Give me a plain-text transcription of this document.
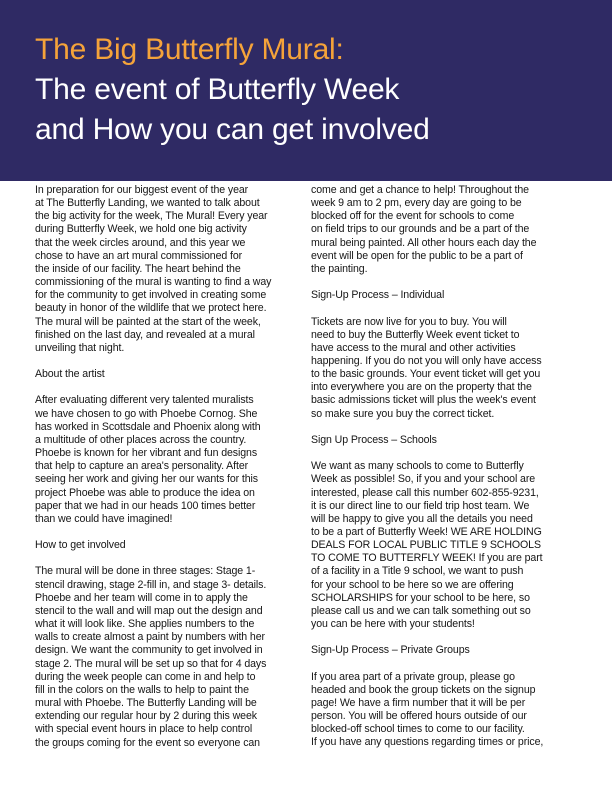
The Big Butterfly Mural:
The event of Butterfly Week
and How you can get involved

In preparation for our biggest event of the year
at The Butterfly Landing, we wanted to talk about
the big activity for the week, The Mural! Every year
during Butterfly Week, we hold one big activity
that the week circles around, and this year we
chose to have an art mural commissioned for
the inside of our facility. The heart behind the
commissioning of the mural is wanting to find a way
for the community to get involved in creating some
beauty in honor of the wildlife that we protect here.
The mural will be painted at the start of the week,
finished on the last day, and revealed at a mural
unveiling that night.

About the artist

After evaluating different very talented muralists
we have chosen to go with Phoebe Cornog. She
has worked in Scottsdale and Phoenix along with
a multitude of other places across the country.
Phoebe is known for her vibrant and fun designs
that help to capture an area's personality. After
seeing her work and giving her our wants for this
project Phoebe was able to produce the idea on
paper that we had in our heads 100 times better
than we could have imagined!

How to get involved

The mural will be done in three stages: Stage 1-
stencil drawing, stage 2-fill in, and stage 3- details.
Phoebe and her team will come in to apply the
stencil to the wall and will map out the design and
what it will look like. She applies numbers to the
walls to create almost a paint by numbers with her
design. We want the community to get involved in
stage 2. The mural will be set up so that for 4 days
during the week people can come in and help to
fill in the colors on the walls to help to paint the
mural with Phoebe. The Butterfly Landing will be
extending our regular hour by 2 during this week
with special event hours in place to help control
the groups coming for the event so everyone can

come and get a chance to help! Throughout the
week 9 am to 2 pm, every day are going to be
blocked off for the event for schools to come
on field trips to our grounds and be a part of the
mural being painted. All other hours each day the
event will be open for the public to be a part of
the painting.

Sign-Up Process – Individual

Tickets are now live for you to buy. You will
need to buy the Butterfly Week event ticket to
have access to the mural and other activities
happening. If you do not you will only have access
to the basic grounds. Your event ticket will get you
into everywhere you are on the property that the
basic admissions ticket will plus the week's event
so make sure you buy the correct ticket.

Sign Up Process – Schools

We want as many schools to come to Butterfly
Week as possible! So, if you and your school are
interested, please call this number 602-855-9231,
it is our direct line to our field trip host team. We
will be happy to give you all the details you need
to be a part of Butterfly Week! WE ARE HOLDING
DEALS FOR LOCAL PUBLIC TITLE 9 SCHOOLS
TO COME TO BUTTERFLY WEEK! If you are part
of a facility in a Title 9 school, we want to push
for your school to be here so we are offering
SCHOLARSHIPS for your school to be here, so
please call us and we can talk something out so
you can be here with your students!

Sign-Up Process – Private Groups

If you area part of a private group, please go
headed and book the group tickets on the signup
page! We have a firm number that it will be per
person. You will be offered hours outside of our
blocked-off school times to come to our facility.
If you have any questions regarding times or price,
